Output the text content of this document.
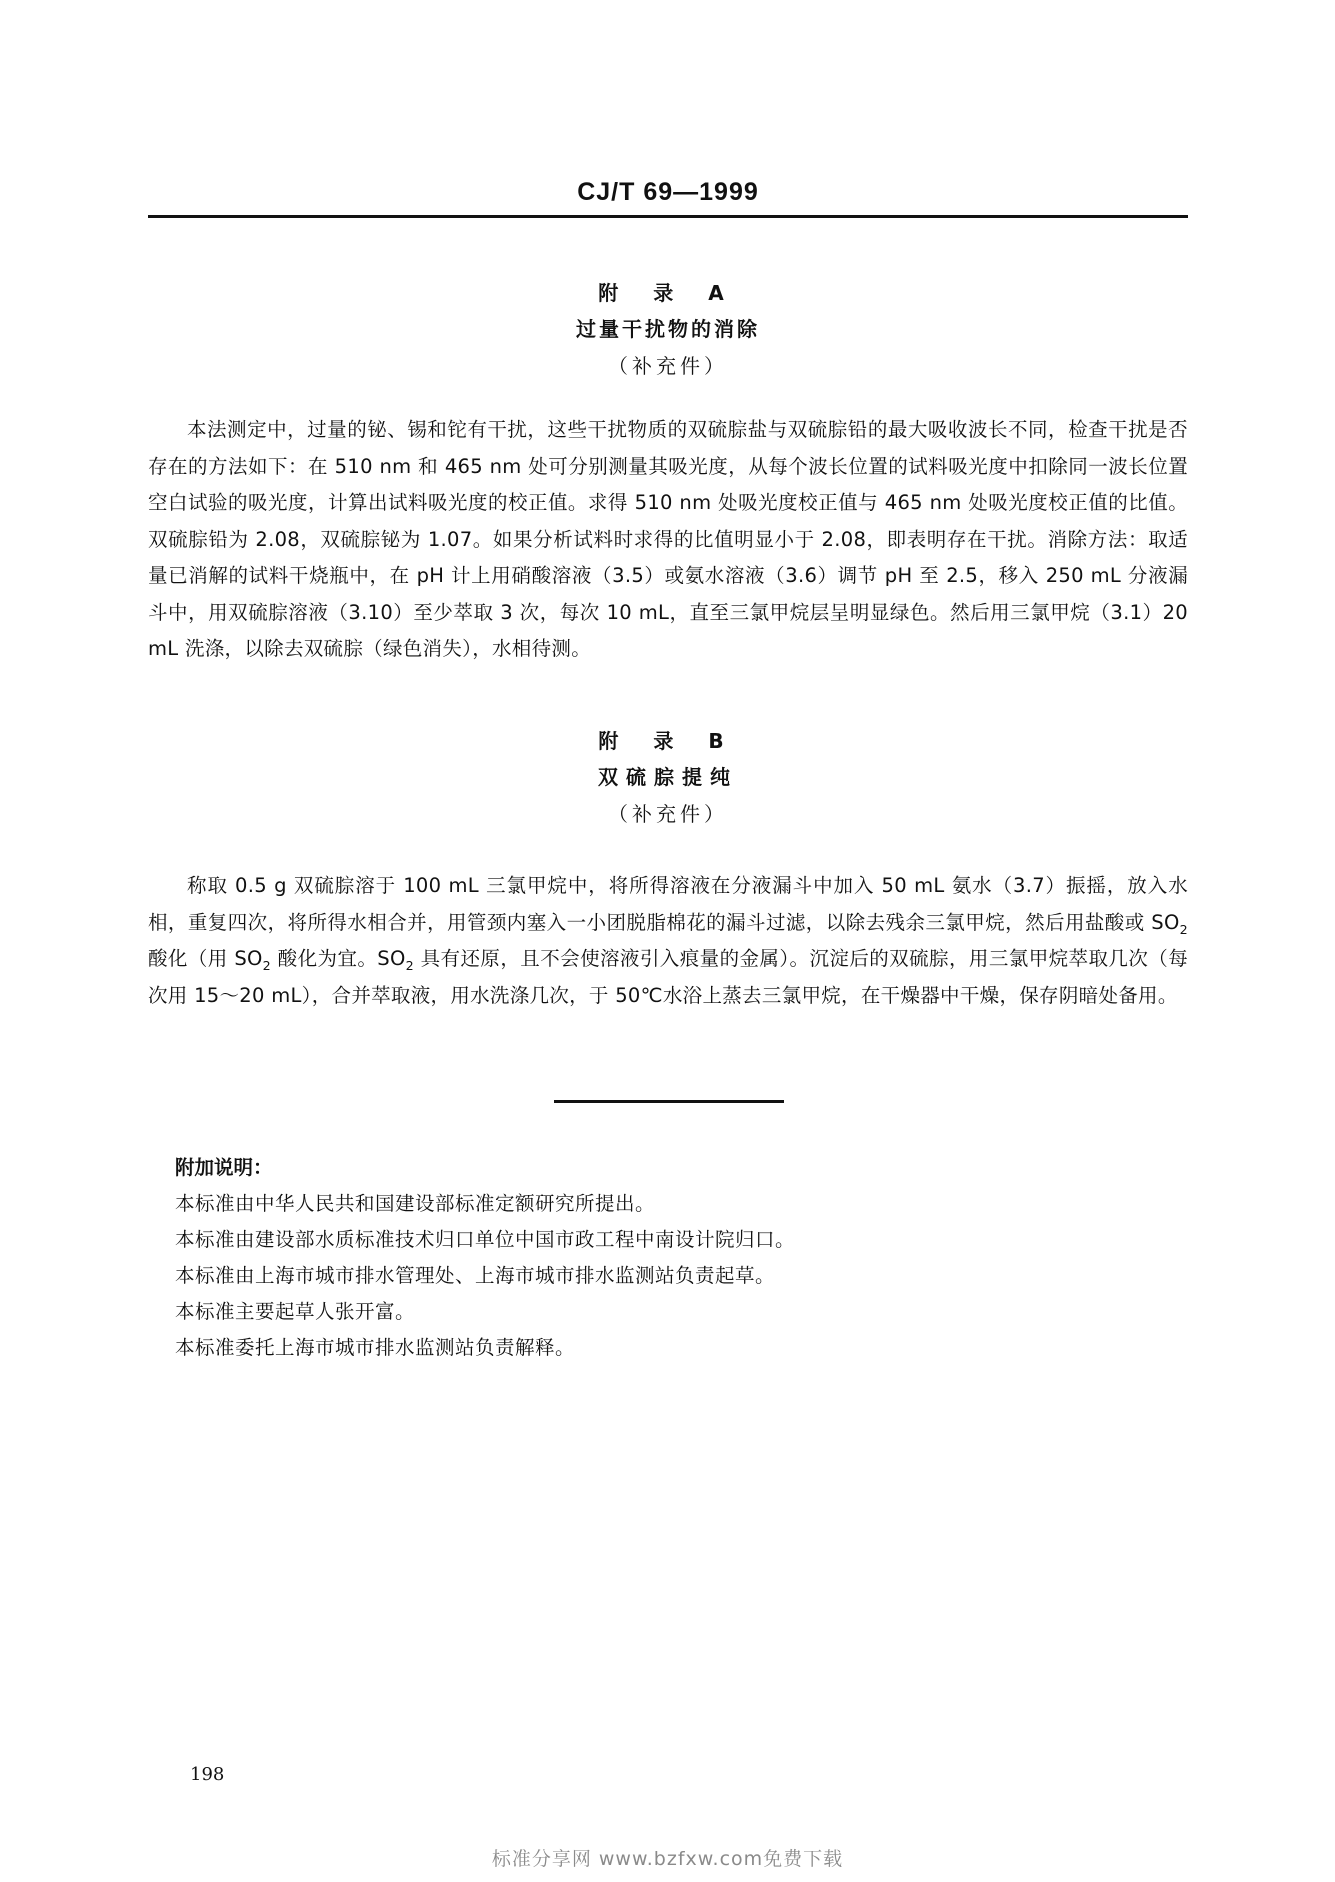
CJ/T 69—1999
附 录 A
过量干扰物的消除
（补充件）
本法测定中，过量的铋、锡和铊有干扰，这些干扰物质的双硫腙盐与双硫腙铅的最大吸收波长不同，检查干扰是否存在的方法如下：在 510 nm 和 465 nm 处可分别测量其吸光度，从每个波长位置的试料吸光度中扣除同一波长位置空白试验的吸光度，计算出试料吸光度的校正值。求得 510 nm 处吸光度校正值与 465 nm 处吸光度校正值的比值。双硫腙铅为 2.08，双硫腙铋为 1.07。如果分析试料时求得的比值明显小于 2.08，即表明存在干扰。消除方法：取适量已消解的试料干烧瓶中，在 pH 计上用硝酸溶液（3.5）或氨水溶液（3.6）调节 pH 至 2.5，移入 250 mL 分液漏斗中，用双硫腙溶液（3.10）至少萃取 3 次，每次 10 mL，直至三氯甲烷层呈明显绿色。然后用三氯甲烷（3.1）20 mL 洗涤，以除去双硫腙（绿色消失），水相待测。
附 录 B
双硫腙提纯
（补充件）
称取 0.5 g 双硫腙溶于 100 mL 三氯甲烷中，将所得溶液在分液漏斗中加入 50 mL 氨水（3.7）振摇，放入水相，重复四次，将所得水相合并，用管颈内塞入一小团脱脂棉花的漏斗过滤，以除去残余三氯甲烷，然后用盐酸或 $SO_2$ 酸化（用 $SO_2$ 酸化为宜。$SO_2$ 具有还原，且不会使溶液引入痕量的金属）。沉淀后的双硫腙，用三氯甲烷萃取几次（每次用 15～20 mL），合并萃取液，用水洗涤几次，于 50℃水浴上蒸去三氯甲烷，在干燥器中干燥，保存阴暗处备用。
附加说明：
本标准由中华人民共和国建设部标准定额研究所提出。
本标准由建设部水质标准技术归口单位中国市政工程中南设计院归口。
本标准由上海市城市排水管理处、上海市城市排水监测站负责起草。
本标准主要起草人张开富。
本标准委托上海市城市排水监测站负责解释。
198
标准分享网 www.bzfxw.com免费下载
